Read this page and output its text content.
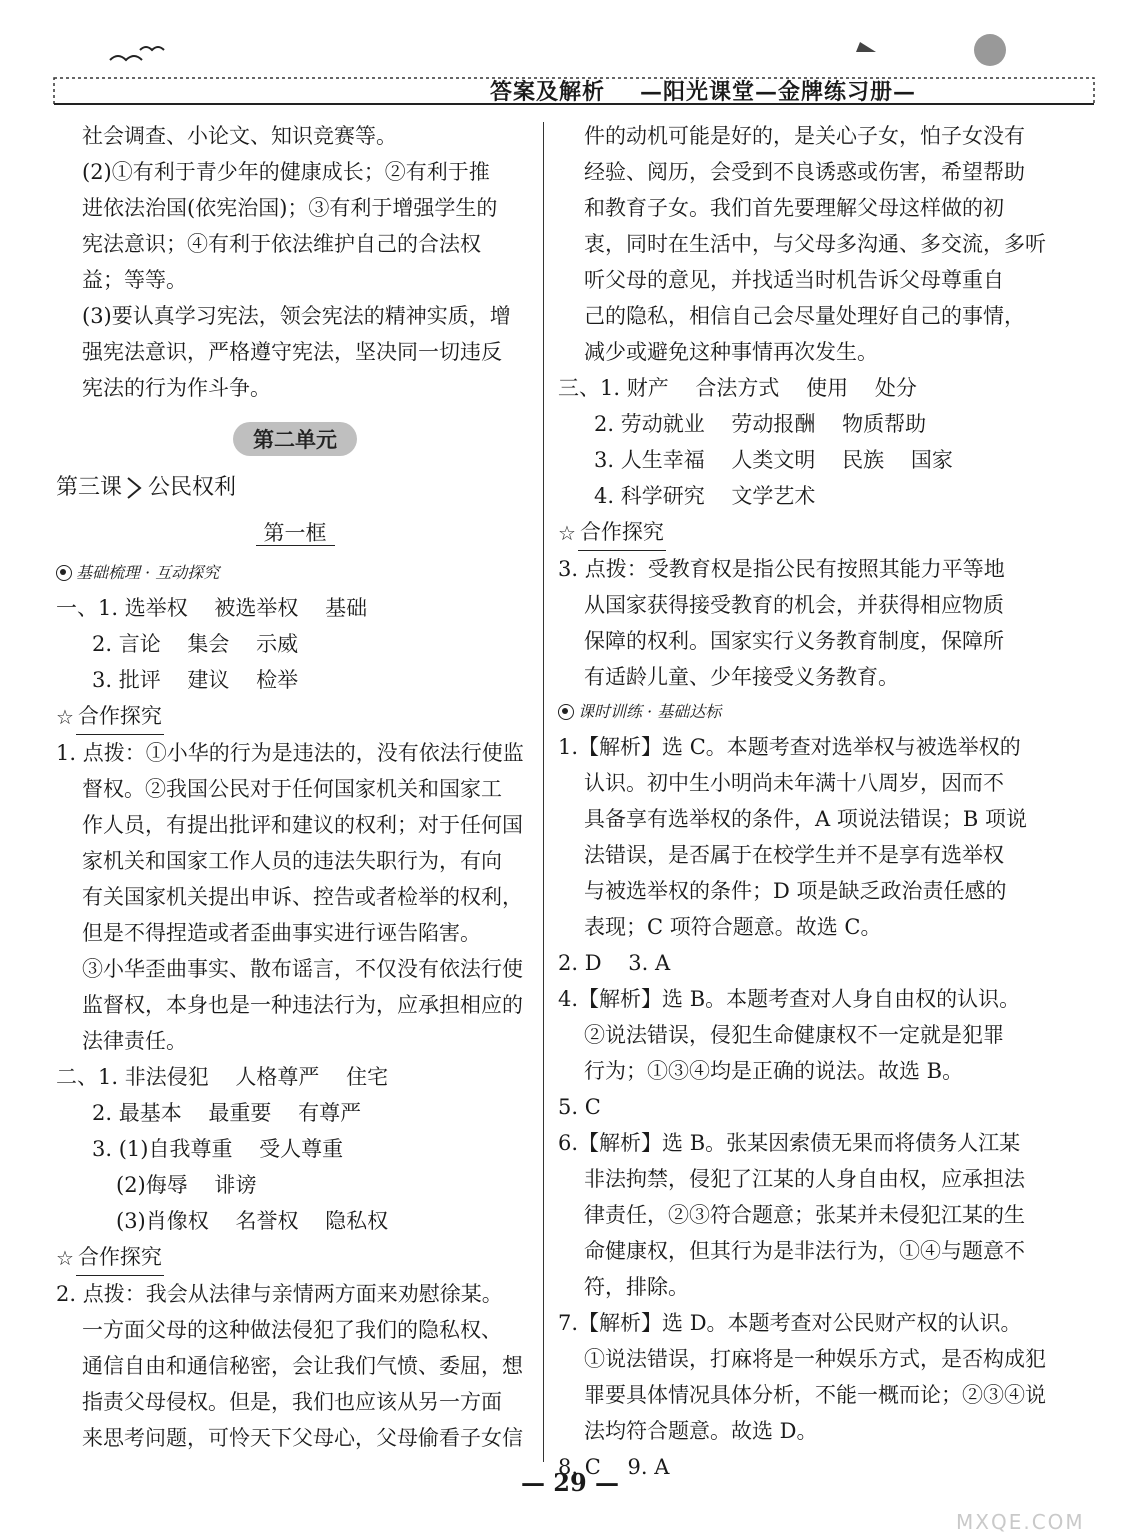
答案及解析 —阳光课堂—金牌练习册—

社会调查、小论文、知识竞赛等。

(2)①有利于青少年的健康成长；②有利于推

进依法治国(依宪治国)；③有利于增强学生的

宪法意识；④有利于依法维护自己的合法权

益；等等。

(3)要认真学习宪法，领会宪法的精神实质，增

强宪法意识，严格遵守宪法，坚决同一切违反

宪法的行为作斗争。

第二单元
第三课 公民权利
第一框
基础梳理 · 互动探究

一、1. 选举权    被选举权    基础

2. 言论    集会    示威

3. 批评    建议    检举

☆ 合作探究

1. 点拨：①小华的行为是违法的，没有依法行使监

督权。②我国公民对于任何国家机关和国家工

作人员，有提出批评和建议的权利；对于任何国

家机关和国家工作人员的违法失职行为，有向

有关国家机关提出申诉、控告或者检举的权利，

但是不得捏造或者歪曲事实进行诬告陷害。

③小华歪曲事实、散布谣言，不仅没有依法行使

监督权，本身也是一种违法行为，应承担相应的

法律责任。

二、1. 非法侵犯    人格尊严    住宅

2. 最基本    最重要    有尊严

3. (1)自我尊重    受人尊重

(2)侮辱    诽谤

(3)肖像权    名誉权    隐私权

☆ 合作探究

2. 点拨：我会从法律与亲情两方面来劝慰徐某。

一方面父母的这种做法侵犯了我们的隐私权、

通信自由和通信秘密，会让我们气愤、委屈，想

指责父母侵权。但是，我们也应该从另一方面

来思考问题，可怜天下父母心，父母偷看子女信

件的动机可能是好的，是关心子女，怕子女没有

经验、阅历，会受到不良诱惑或伤害，希望帮助

和教育子女。我们首先要理解父母这样做的初

衷，同时在生活中，与父母多沟通、多交流，多听

听父母的意见，并找适当时机告诉父母尊重自

己的隐私，相信自己会尽量处理好自己的事情，

减少或避免这种事情再次发生。

三、1. 财产    合法方式    使用    处分

2. 劳动就业    劳动报酬    物质帮助

3. 人生幸福    人类文明    民族    国家

4. 科学研究    文学艺术

☆ 合作探究

3. 点拨：受教育权是指公民有按照其能力平等地

从国家获得接受教育的机会，并获得相应物质

保障的权利。国家实行义务教育制度，保障所

有适龄儿童、少年接受义务教育。

课时训练 · 基础达标

1.【解析】选 C。本题考查对选举权与被选举权的

认识。初中生小明尚未年满十八周岁，因而不

具备享有选举权的条件，A 项说法错误；B 项说

法错误，是否属于在校学生并不是享有选举权

与被选举权的条件；D 项是缺乏政治责任感的

表现；C 项符合题意。故选 C。

2. D    3. A

4.【解析】选 B。本题考查对人身自由权的认识。

②说法错误，侵犯生命健康权不一定就是犯罪

行为；①③④均是正确的说法。故选 B。

5. C

6.【解析】选 B。张某因索债无果而将债务人江某

非法拘禁，侵犯了江某的人身自由权，应承担法

律责任，②③符合题意；张某并未侵犯江某的生

命健康权，但其行为是非法行为，①④与题意不

符，排除。

7.【解析】选 D。本题考查对公民财产权的认识。

①说法错误，打麻将是一种娱乐方式，是否构成犯

罪要具体情况具体分析，不能一概而论；②③④说

法均符合题意。故选 D。

8. C    9. A

— 29 —
MXQE.COM
